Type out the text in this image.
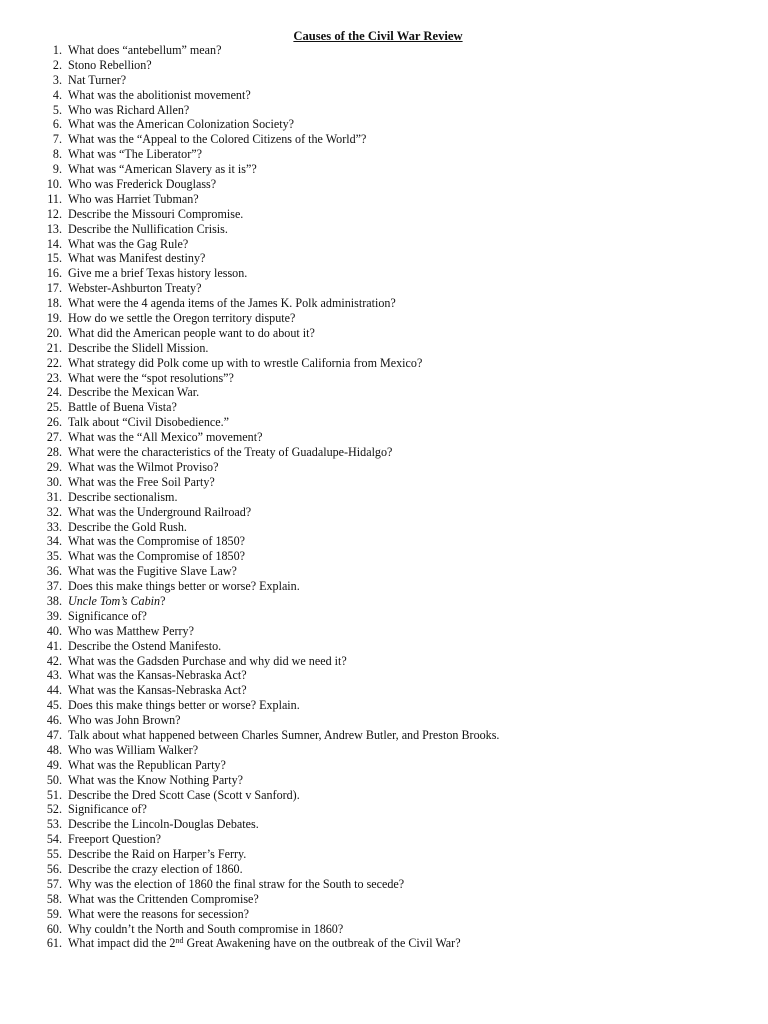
Causes of the Civil War Review
1. What does “antebellum” mean?
2. Stono Rebellion?
3. Nat Turner?
4. What was the abolitionist movement?
5. Who was Richard Allen?
6. What was the American Colonization Society?
7. What was the “Appeal to the Colored Citizens of the World”?
8. What was “The Liberator”?
9. What was “American Slavery as it is”?
10. Who was Frederick Douglass?
11. Who was Harriet Tubman?
12. Describe the Missouri Compromise.
13. Describe the Nullification Crisis.
14. What was the Gag Rule?
15. What was Manifest destiny?
16. Give me a brief Texas history lesson.
17. Webster-Ashburton Treaty?
18. What were the 4 agenda items of the James K. Polk administration?
19. How do we settle the Oregon territory dispute?
20. What did the American people want to do about it?
21. Describe the Slidell Mission.
22. What strategy did Polk come up with to wrestle California from Mexico?
23. What were the “spot resolutions”?
24. Describe the Mexican War.
25. Battle of Buena Vista?
26. Talk about “Civil Disobedience.”
27. What was the “All Mexico” movement?
28. What were the characteristics of the Treaty of Guadalupe-Hidalgo?
29. What was the Wilmot Proviso?
30. What was the Free Soil Party?
31. Describe sectionalism.
32. What was the Underground Railroad?
33. Describe the Gold Rush.
34. What was the Compromise of 1850?
35. What was the Compromise of 1850?
36. What was the Fugitive Slave Law?
37. Does this make things better or worse? Explain.
38. Uncle Tom’s Cabin?
39. Significance of?
40. Who was Matthew Perry?
41. Describe the Ostend Manifesto.
42. What was the Gadsden Purchase and why did we need it?
43. What was the Kansas-Nebraska Act?
44. What was the Kansas-Nebraska Act?
45. Does this make things better or worse? Explain.
46. Who was John Brown?
47. Talk about what happened between Charles Sumner, Andrew Butler, and Preston Brooks.
48. Who was William Walker?
49. What was the Republican Party?
50. What was the Know Nothing Party?
51. Describe the Dred Scott Case (Scott v Sanford).
52. Significance of?
53. Describe the Lincoln-Douglas Debates.
54. Freeport Question?
55. Describe the Raid on Harper’s Ferry.
56. Describe the crazy election of 1860.
57. Why was the election of 1860 the final straw for the South to secede?
58. What was the Crittenden Compromise?
59. What were the reasons for secession?
60. Why couldn’t the North and South compromise in 1860?
61. What impact did the 2nd Great Awakening have on the outbreak of the Civil War?
